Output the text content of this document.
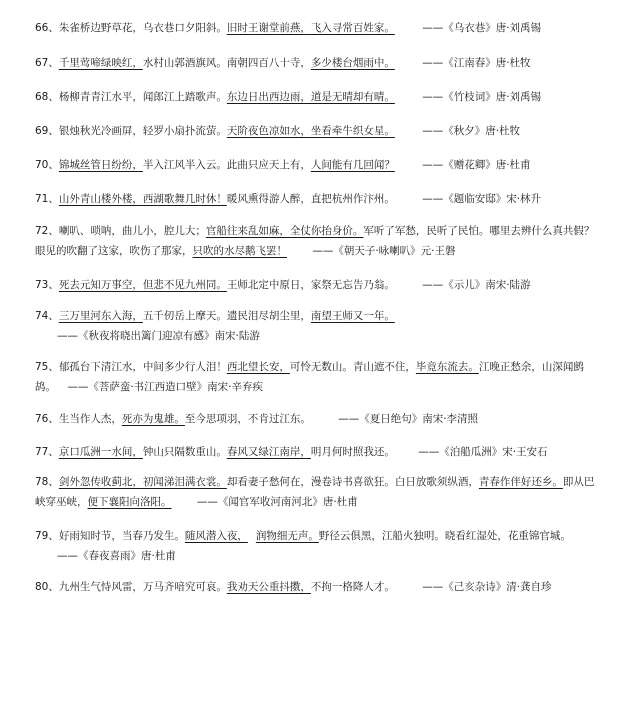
66、朱雀桥边野草花，乌衣巷口夕阳斜。旧时王谢堂前燕，飞入寻常百姓家。	——《乌衣巷》唐·刘禹锡
67、千里莺啼绿映红，水村山郭酒旗风。南朝四百八十寺，多少楼台烟雨中。	——《江南春》唐·杜牧
68、杨柳青青江水平，闻郎江上踏歌声。东边日出西边雨，道是无晴却有晴。	——《竹枝词》唐·刘禹锡
69、银烛秋光冷画屏，轻罗小扇扑流萤。天阶夜色凉如水，坐看牵牛织女星。	——《秋夕》唐·杜牧
70、锦城丝管日纷纷，半入江风半入云。此曲只应天上有，人间能有几回闻？	——《赠花卿》唐·杜甫
71、山外青山楼外楼，西湖歌舞几时休！暖风熏得游人醉，直把杭州作汴州。	——《题临安邸》宋·林升
72、喇叭、唢呐，曲儿小，腔儿大；官船往来乱如麻，全仗你抬身价。军听了军愁，民听了民怕。哪里去辨什么真共假？眼见的吹翻了这家，吹伤了那家，只吹的水尽鹅飞罢！ ——《朝天子·咏喇叭》元·王磐
73、死去元知万事空，但悲不见九州同。王师北定中原日，家祭无忘告乃翁。	——《示儿》南宋·陆游
74、三万里河东入海，五千仞岳上摩天。遗民泪尽胡尘里，南望王师又一年。 ——《秋夜将晓出篱门迎凉有感》南宋·陆游
75、郁孤台下清江水，中间多少行人泪！西北望长安，可怜无数山。青山遮不住，毕竟东流去。江晚正愁余，山深闻鹧鸪。 ——《菩萨蛮·书江西造口壁》南宋·辛弃疾
76、生当作人杰，死亦为鬼雄。至今思项羽，不肯过江东。	——《夏日绝句》南宋·李清照
77、京口瓜洲一水间，钟山只隔数重山。春风又绿江南岸，明月何时照我还。 ——《泊船瓜洲》宋·王安石
78、剑外忽传收蓟北，初闻涕泪满衣裳。却看妻子愁何在，漫卷诗书喜欲狂。白日放歌须纵酒，青春作伴好还乡。即从巴峡穿巫峡，便下襄阳向洛阳。 ——《闻官军收河南河北》唐·杜甫
79、好雨知时节，当春乃发生。随风潜入夜， 润物细无声。野径云俱黑，江船火独明。晓看红湿处，花重锦官城。 ——《春夜喜雨》唐·杜甫
80、九州生气恃风雷，万马齐喑究可哀。我劝天公重抖擞，不拘一格降人才。	——《己亥杂诗》清·龚自珍
